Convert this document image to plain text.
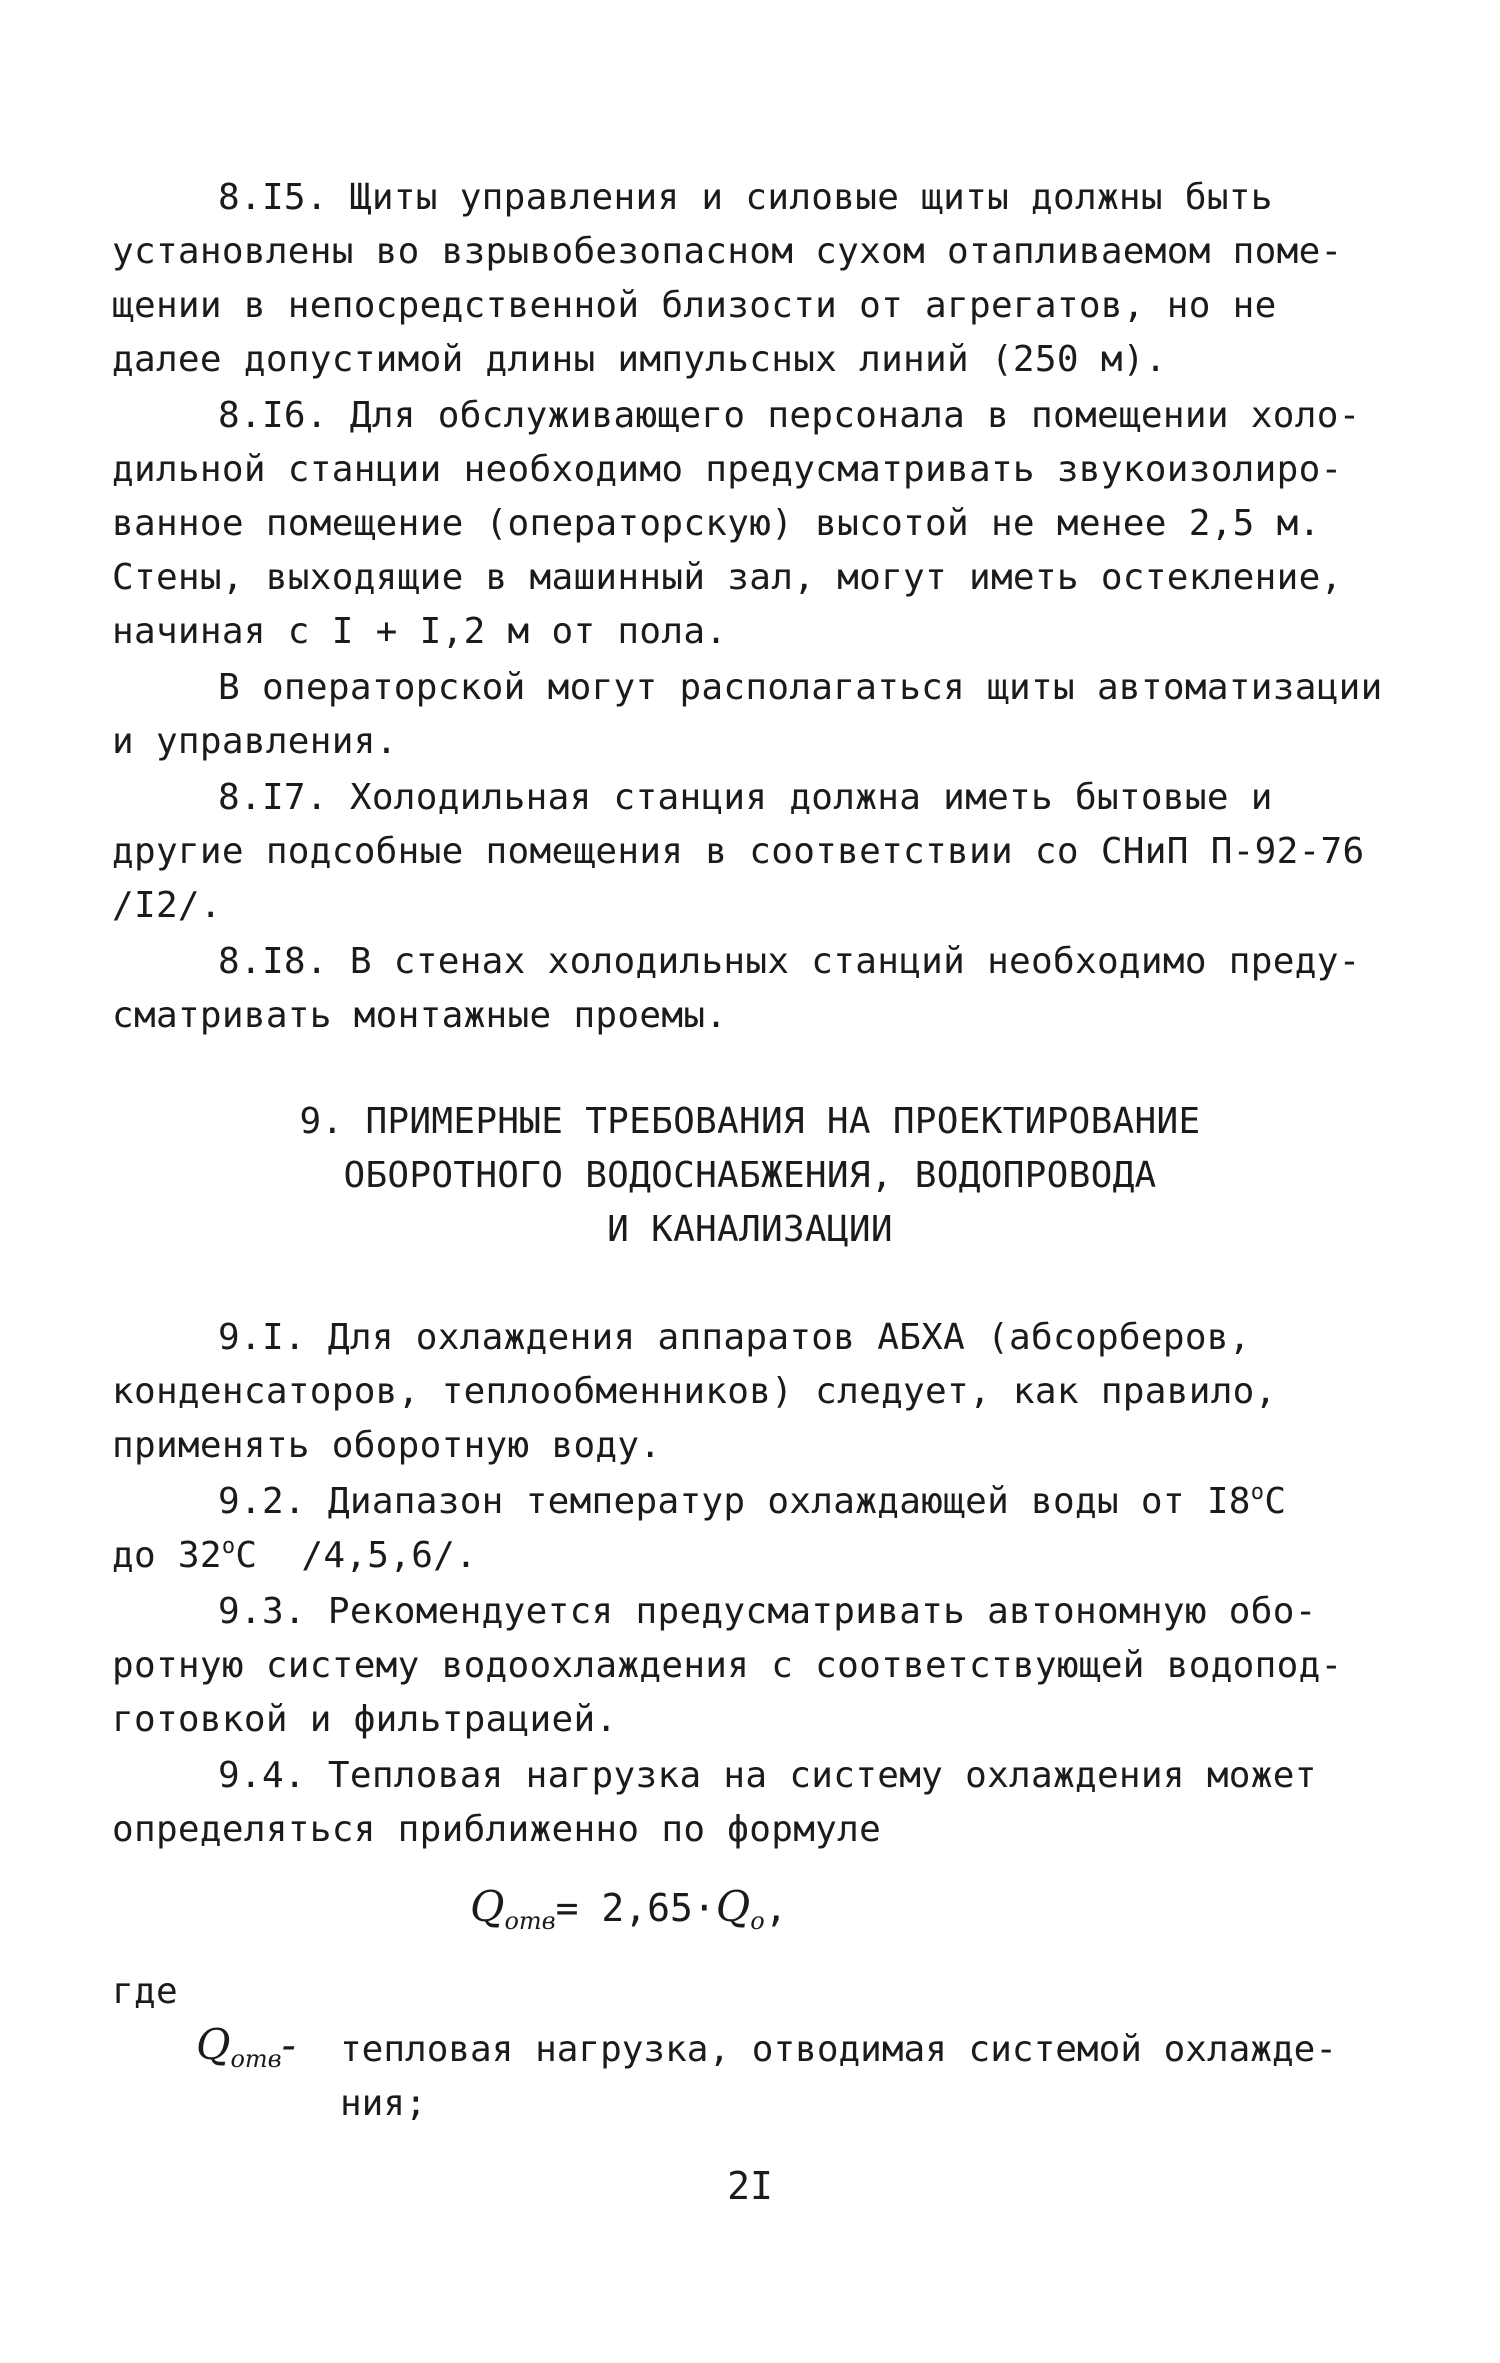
8.I5. Щиты управления и силовые щиты должны быть
установлены во взрывобезопасном сухом отапливаемом поме-
щении в непосредственной близости от агрегатов, но не
далее допустимой длины импульсных линий (250 м).
8.I6. Для обслуживающего персонала в помещении холо-
дильной станции необходимо предусматривать звукоизолиро-
ванное помещение (операторскую) высотой не менее 2,5 м.
Стены, выходящие в машинный зал, могут иметь остекление,
начиная с I + I,2 м от пола.
В операторской могут располагаться щиты автоматизации
и управления.
8.I7. Холодильная станция должна иметь бытовые и
другие подсобные помещения в соответствии со СНиП П-92-76
/I2/.
8.I8. В стенах холодильных станций необходимо преду-
сматривать монтажные проемы.
9. ПРИМЕРНЫЕ ТРЕБОВАНИЯ НА ПРОЕКТИРОВАНИЕ
ОБОРОТНОГО ВОДОСНАБЖЕНИЯ, ВОДОПРОВОДА
И КАНАЛИЗАЦИИ
9.I. Для охлаждения аппаратов АБХА (абсорберов,
конденсаторов, теплообменников) следует, как правило,
применять оборотную воду.
9.2. Диапазон температур охлаждающей воды от I8$^o$C
до 32$^o$C  /4,5,6/.
9.3. Рекомендуется предусматривать автономную обо-
ротную систему водоохлаждения с соответствующей водопод-
готовкой и фильтрацией.
9.4. Тепловая нагрузка на систему охлаждения может
определяться приближенно по формуле
$Q_{отв}= 2,65\cdot Q_o$,
где
Qотв- тепловая нагрузка, отводимая системой охлажде-
ния;
2I
